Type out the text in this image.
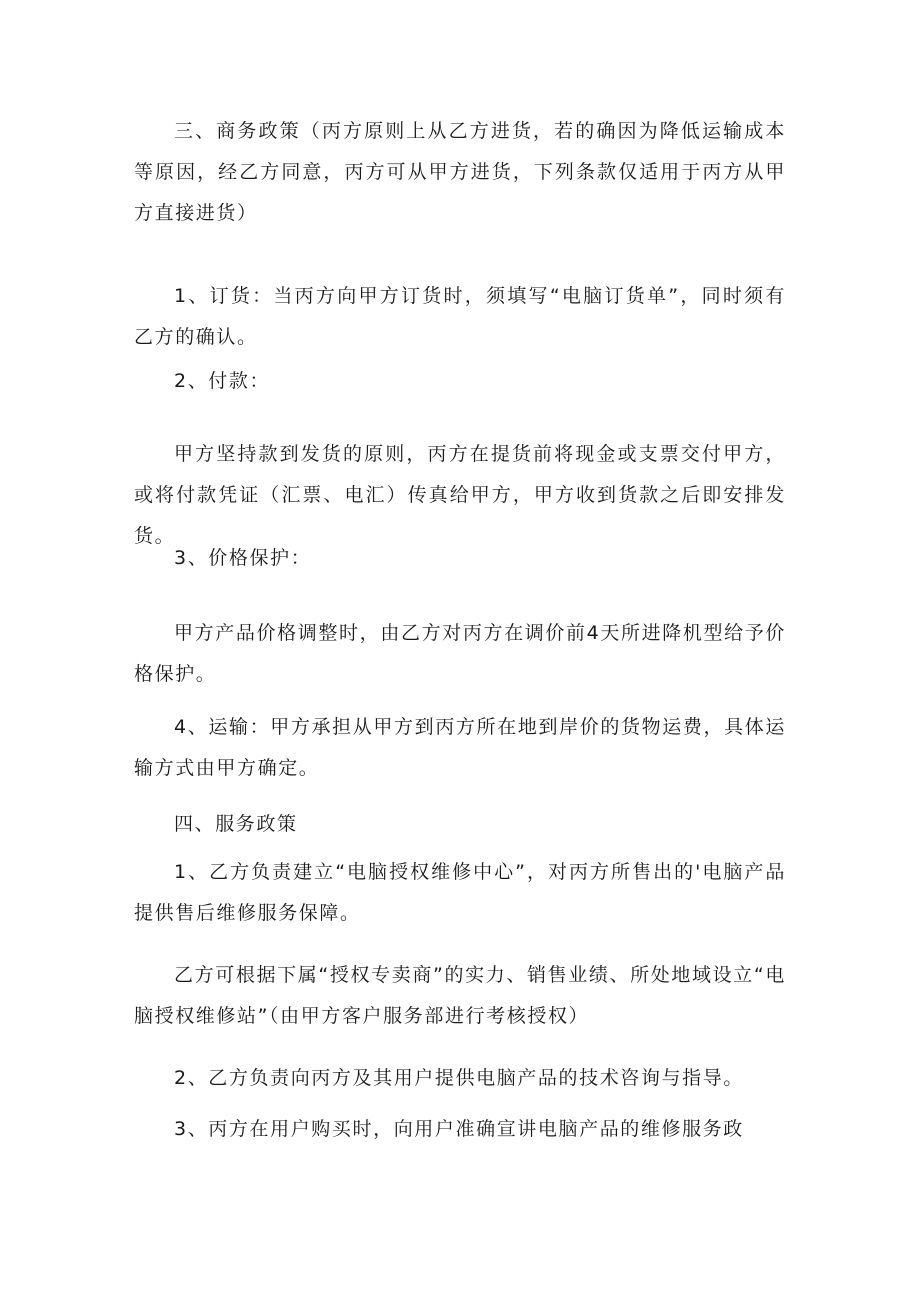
三、商务政策（丙方原则上从乙方进货，若的确因为降低运输成本等原因，经乙方同意，丙方可从甲方进货，下列条款仅适用于丙方从甲方直接进货）

1、订货：当丙方向甲方订货时，须填写“电脑订货单”，同时须有乙方的确认。

2、付款：

甲方坚持款到发货的原则，丙方在提货前将现金或支票交付甲方，或将付款凭证（汇票、电汇）传真给甲方，甲方收到货款之后即安排发货。

3、价格保护：

甲方产品价格调整时，由乙方对丙方在调价前4天所进降机型给予价格保护。

4、运输：甲方承担从甲方到丙方所在地到岸价的货物运费，具体运输方式由甲方确定。

四、服务政策

1、乙方负责建立“电脑授权维修中心”，对丙方所售出的'电脑产品提供售后维修服务保障。

乙方可根据下属“授权专卖商”的实力、销售业绩、所处地域设立“电脑授权维修站”（由甲方客户服务部进行考核授权）

2、乙方负责向丙方及其用户提供电脑产品的技术咨询与指导。

3、丙方在用户购买时，向用户准确宣讲电脑产品的维修服务政
